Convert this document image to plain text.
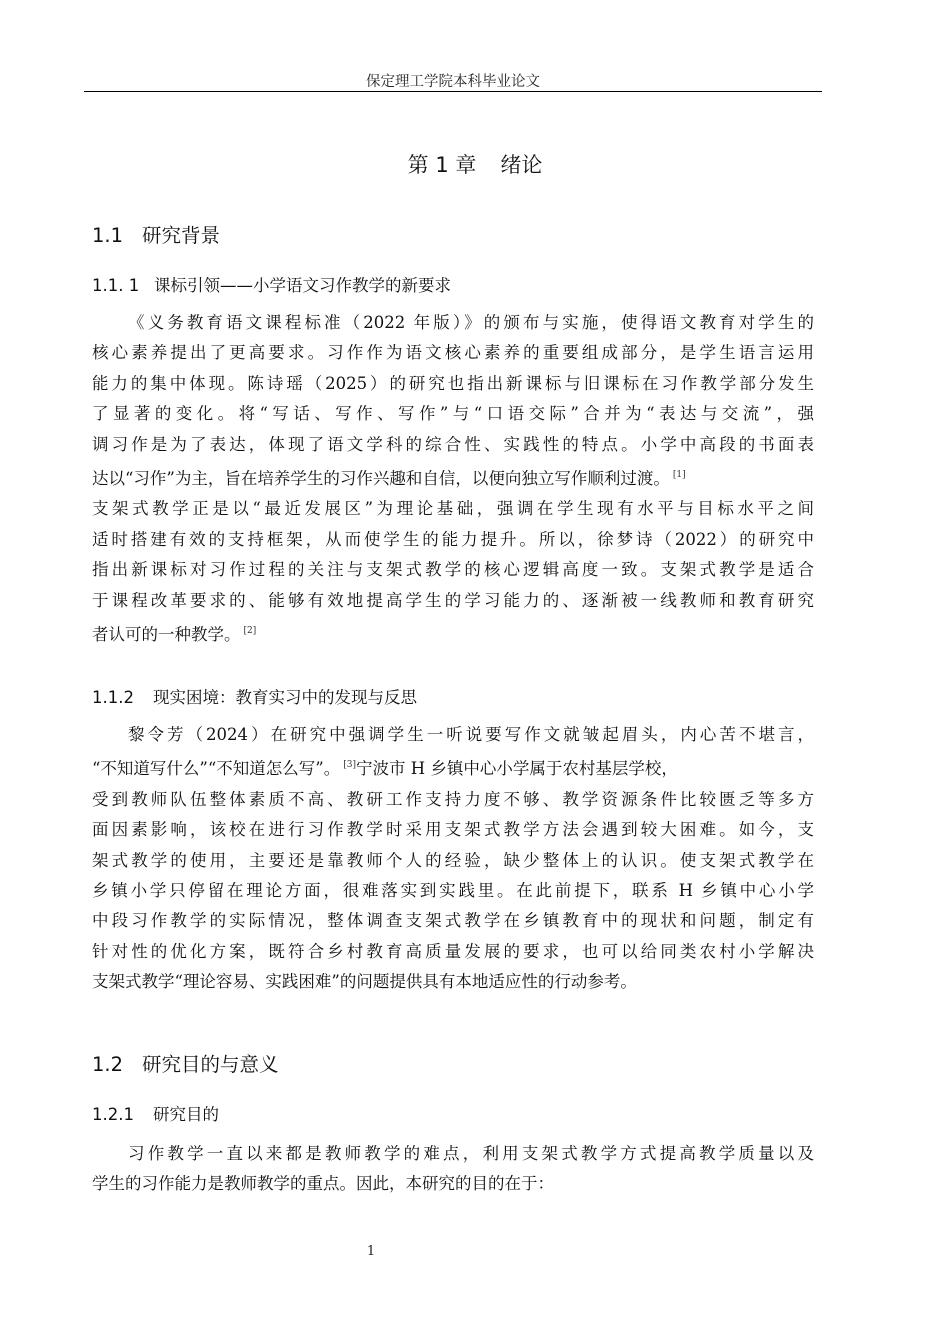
保定理工学院本科毕业论文
第 1 章 绪论
1.1 研究背景
1.1. 1 课标引领——小学语文习作教学的新要求
《义务教育语文课程标准（2022 年版）》的颁布与实施，使得语文教育对学生的
核心素养提出了更高要求。习作作为语文核心素养的重要组成部分，是学生语言运用
能力的集中体现。陈诗瑶（2025）的研究也指出新课标与旧课标在习作教学部分发生
了显著的变化。将“写话、写作、写作”与“口语交际”合并为“表达与交流”，强
调习作是为了表达，体现了语文学科的综合性、实践性的特点。小学中高段的书面表
达以“习作”为主，旨在培养学生的习作兴趣和自信，以便向独立写作顺利过渡。 [1]
支架式教学正是以“最近发展区”为理论基础，强调在学生现有水平与目标水平之间
适时搭建有效的支持框架，从而使学生的能力提升。所以，徐梦诗（2022）的研究中
指出新课标对习作过程的关注与支架式教学的核心逻辑高度一致。支架式教学是适合
于课程改革要求的、能够有效地提高学生的学习能力的、逐渐被一线教师和教育研究
者认可的一种教学。 [2]
1.1.2 现实困境：教育实习中的发现与反思
黎令芳（2024）在研究中强调学生一听说要写作文就皱起眉头，内心苦不堪言，
“不知道写什么”“不知道怎么写”。 [3]宁波市 H 乡镇中心小学属于农村基层学校，
受到教师队伍整体素质不高、教研工作支持力度不够、教学资源条件比较匮乏等多方
面因素影响，该校在进行习作教学时采用支架式教学方法会遇到较大困难。如今，支
架式教学的使用，主要还是靠教师个人的经验，缺少整体上的认识。使支架式教学在
乡镇小学只停留在理论方面，很难落实到实践里。在此前提下，联系 H 乡镇中心小学
中段习作教学的实际情况，整体调查支架式教学在乡镇教育中的现状和问题，制定有
针对性的优化方案，既符合乡村教育高质量发展的要求，也可以给同类农村小学解决
支架式教学“理论容易、实践困难”的问题提供具有本地适应性的行动参考。
1.2 研究目的与意义
1.2.1 研究目的
习作教学一直以来都是教师教学的难点，利用支架式教学方式提高教学质量以及
学生的习作能力是教师教学的重点。因此，本研究的目的在于：
1
